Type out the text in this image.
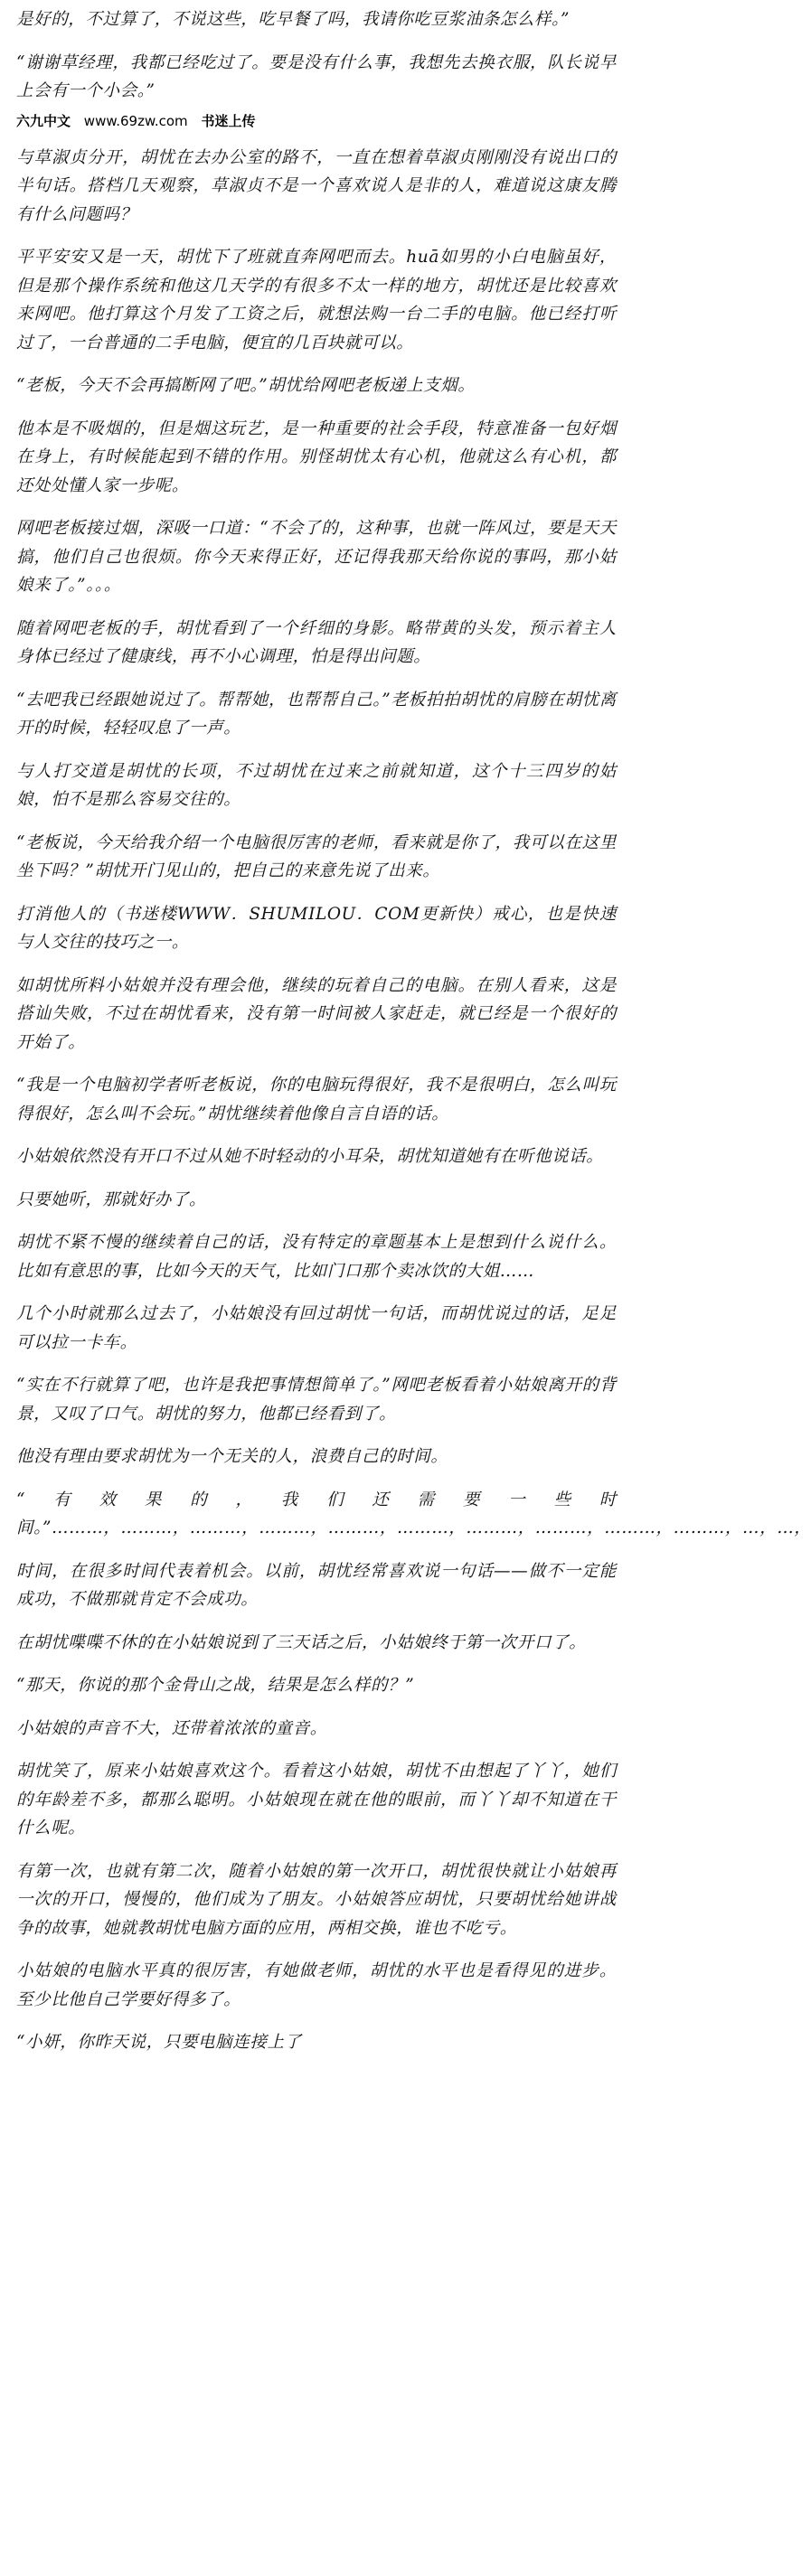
是好的，不过算了，不说这些，吃早餐了吗，我请你吃豆浆油条怎么样。”

“谢谢草经理，我都已经吃过了。要是没有什么事，我想先去换衣服，队长说早上会有一个小会。”

六九中文 www.69zw.com 书迷上传

与草淑贞分开，胡忧在去办公室的路不，一直在想着草淑贞刚刚没有说出口的半句话。搭档几天观察，草淑贞不是一个喜欢说人是非的人，难道说这康友腾有什么问题吗？

平平安安又是一天，胡忧下了班就直奔网吧而去。huā如男的小白电脑虽好，但是那个操作系统和他这几天学的有很多不太一样的地方，胡忧还是比较喜欢来网吧。他打算这个月发了工资之后，就想法购一台二手的电脑。他已经打听过了，一台普通的二手电脑，便宜的几百块就可以。

“老板，今天不会再搞断网了吧。”胡忧给网吧老板递上支烟。

他本是不吸烟的，但是烟这玩艺，是一种重要的社会手段，特意准备一包好烟在身上，有时候能起到不错的作用。别怪胡忧太有心机，他就这么有心机，都还处处懂人家一步呢。

网吧老板接过烟，深吸一口道：“不会了的，这种事，也就一阵风过，要是天天搞，他们自己也很烦。你今天来得正好，还记得我那天给你说的事吗，那小姑娘来了。”。。。

随着网吧老板的手，胡忧看到了一个纤细的身影。略带黄的头发，预示着主人身体已经过了健康线，再不小心调理，怕是得出问题。

“去吧我已经跟她说过了。帮帮她，也帮帮自己。”老板拍拍胡忧的肩膀在胡忧离开的时候，轻轻叹息了一声。

与人打交道是胡忧的长项，不过胡忧在过来之前就知道，这个十三四岁的姑娘，怕不是那么容易交往的。

“老板说，今天给我介绍一个电脑很厉害的老师，看来就是你了，我可以在这里坐下吗？”胡忧开门见山的，把自己的来意先说了出来。

打消他人的（书迷楼WWW．SHUMILOU．COM更新快）戒心，也是快速与人交往的技巧之一。

如胡忧所料小姑娘并没有理会他，继续的玩着自己的电脑。在别人看来，这是搭讪失败，不过在胡忧看来，没有第一时间被人家赶走，就已经是一个很好的开始了。

“我是一个电脑初学者听老板说，你的电脑玩得很好，我不是很明白，怎么叫玩得很好，怎么叫不会玩。”胡忧继续着他像自言自语的话。

小姑娘依然没有开口不过从她不时轻动的小耳朵，胡忧知道她有在听他说话。

只要她听，那就好办了。

胡忧不紧不慢的继续着自己的话，没有特定的章题基本上是想到什么说什么。比如有意思的事，比如今天的天气，比如门口那个卖冰饮的大姐……

几个小时就那么过去了，小姑娘没有回过胡忧一句话，而胡忧说过的话，足足可以拉一卡车。

“实在不行就算了吧，也许是我把事情想简单了。”网吧老板看着小姑娘离开的背景，又叹了口气。胡忧的努力，他都已经看到了。

他没有理由要求胡忧为一个无关的人，浪费自己的时间。

“有效果的，我们还需要一些时间。”………，………，………，………，………，………，………，………，………，………，…，…，

时间，在很多时间代表着机会。以前，胡忧经常喜欢说一句话——做不一定能成功，不做那就肯定不会成功。

在胡忧喋喋不休的在小姑娘说到了三天话之后，小姑娘终于第一次开口了。

“那天，你说的那个金骨山之战，结果是怎么样的？”

小姑娘的声音不大，还带着浓浓的童音。

胡忧笑了，原来小姑娘喜欢这个。看着这小姑娘，胡忧不由想起了丫丫，她们的年龄差不多，都那么聪明。小姑娘现在就在他的眼前，而丫丫却不知道在干什么呢。

有第一次，也就有第二次，随着小姑娘的第一次开口，胡忧很快就让小姑娘再一次的开口，慢慢的，他们成为了朋友。小姑娘答应胡忧，只要胡忧给她讲战争的故事，她就教胡忧电脑方面的应用，两相交换，谁也不吃亏。

小姑娘的电脑水平真的很厉害，有她做老师，胡忧的水平也是看得见的进步。至少比他自己学要好得多了。

“小妍，你昨天说，只要电脑连接上了
